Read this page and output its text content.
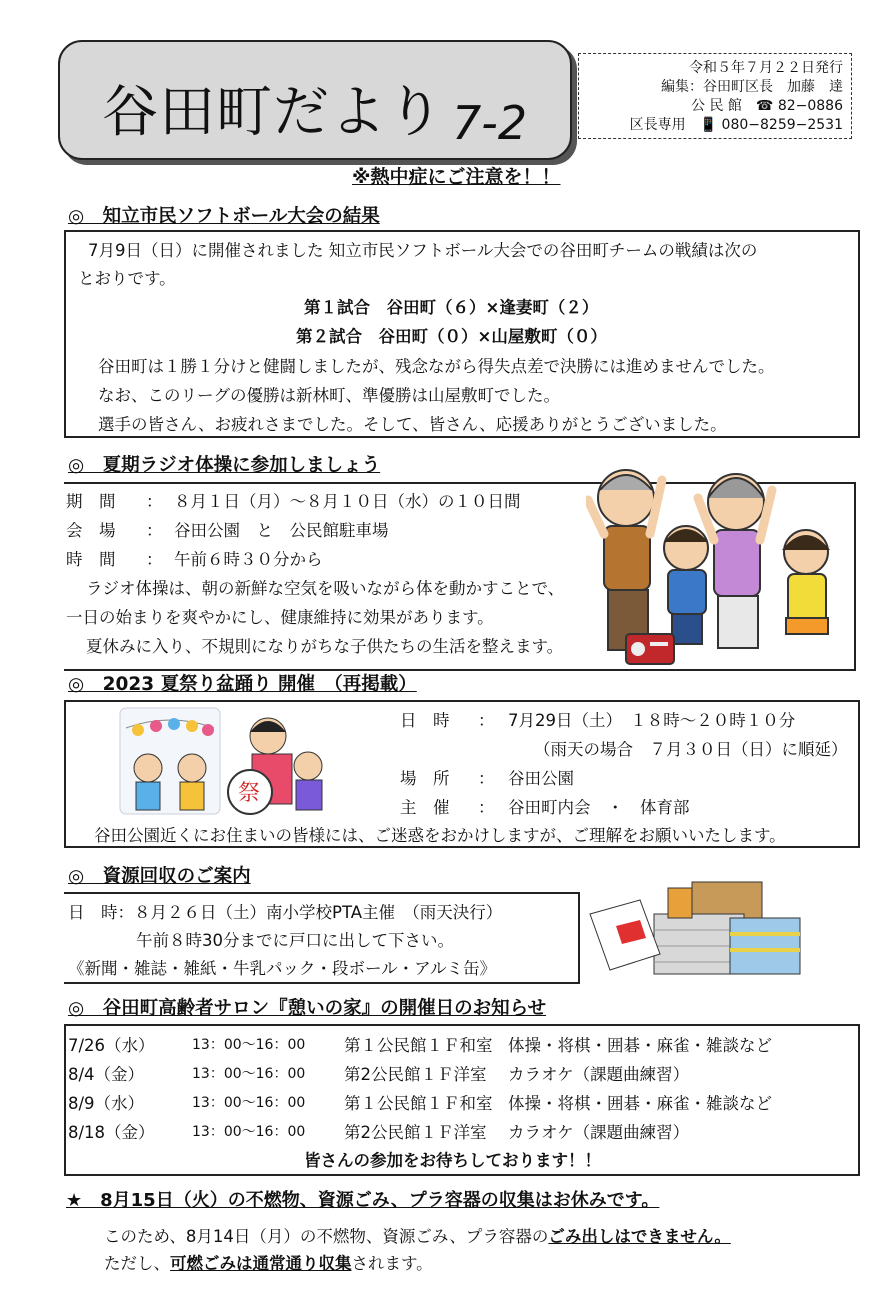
谷田町だより 7-2
令和５年７月２２日発行
編集：谷田町区長　加藤　達
公 民 館　☎ 82−0886
区長専用　📱 080−8259−2531
※熱中症にご注意を！！
◎　知立市民ソフトボール大会の結果
7月9日（日）に開催されました 知立市民ソフトボール大会での谷田町チームの戦績は次の
とおりです。
第１試合　谷田町（６）×逢妻町（２）
第２試合　谷田町（０）×山屋敷町（０）
谷田町は１勝１分けと健闘しましたが、残念ながら得失点差で決勝には進めませんでした。
なお、このリーグの優勝は新林町、準優勝は山屋敷町でした。
選手の皆さん、お疲れさまでした。そして、皆さん、応援ありがとうございました。
◎　夏期ラジオ体操に参加しましょう
期　間 ： ８月１日（月）～８月１０日（水）の１０日間
会　場 ： 谷田公園　と　公民館駐車場
時　間 ： 午前６時３０分から
ラジオ体操は、朝の新鮮な空気を吸いながら体を動かすことで、
一日の始まりを爽やかにし、健康維持に効果があります。
夏休みに入り、不規則になりがちな子供たちの生活を整えます。
◎　2023 夏祭り盆踊り 開催　（再掲載）
日　時 ： 7月29日（土）　１８時～２０時１０分
（雨天の場合　７月３０日（日）に順延）
場　所 ： 谷田公園
主　催 ： 谷田町内会　・　体育部
谷田公園近くにお住まいの皆様には、ご迷惑をおかけしますが、ご理解をお願いいたします。
祭
◎　資源回収のご案内
日　時：８月２６日（土）南小学校PTA主催　（雨天決行）
午前８時30分までに戸口に出して下さい。
《新聞・雑誌・雑紙・牛乳パック・段ボール・アルミ缶》
◎　谷田町高齢者サロン『憩いの家』の開催日のお知らせ
7/26（水）	13：00～16：00 第１公民館１Ｆ和室 体操・将棋・囲碁・麻雀・雑談など
8/4（金）	13：00～16：00 第2公民館１Ｆ洋室 カラオケ（課題曲練習）
8/9（水）	13：00～16：00 第１公民館１Ｆ和室 体操・将棋・囲碁・麻雀・雑談など
8/18（金）	13：00～16：00 第2公民館１Ｆ洋室 カラオケ（課題曲練習）
皆さんの参加をお待ちしております！！
★　8月15日（火）の不燃物、資源ごみ、プラ容器の収集はお休みです。
このため、8月14日（月）の不燃物、資源ごみ、プラ容器のごみ出しはできません。
ただし、可燃ごみは通常通り収集されます。
